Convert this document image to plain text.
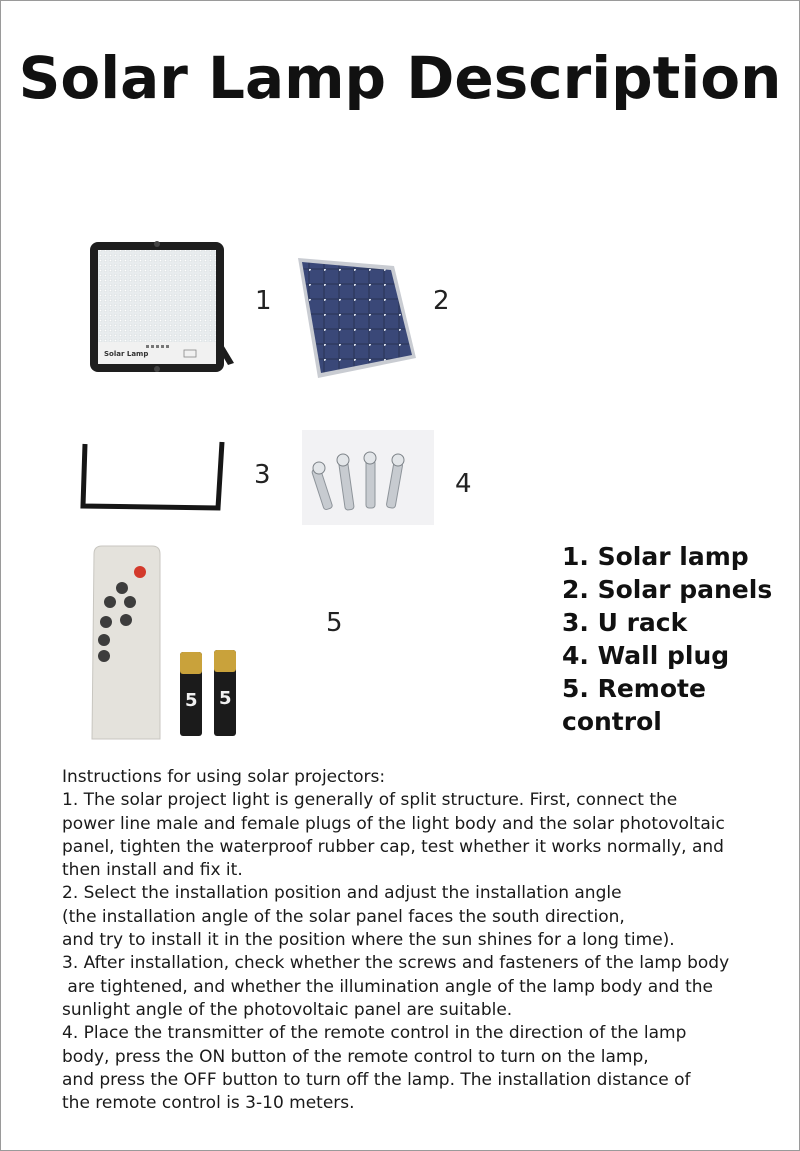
Solar Lamp Description
Solar Lamp
5 5
1	2
3	4
5
1. Solar lamp
2. Solar panels
3. U rack
4. Wall plug
5. Remote control
Instructions for using solar projectors:
1. The solar project light is generally of split structure. First, connect the
power line male and female plugs of the light body and the solar photovoltaic
panel, tighten the waterproof rubber cap, test whether it works normally, and
then install and fix it.
2. Select the installation position and adjust the installation angle
(the installation angle of the solar panel faces the south direction,
and try to install it in the position where the sun shines for a long time).
3. After installation, check whether the screws and fasteners of the lamp body
are tightened, and whether the illumination angle of the lamp body and the
sunlight angle of the photovoltaic panel are suitable.
4. Place the transmitter of the remote control in the direction of the lamp
body, press the ON button of the remote control to turn on the lamp,
and press the OFF button to turn off the lamp. The installation distance of
the remote control is 3-10 meters.
